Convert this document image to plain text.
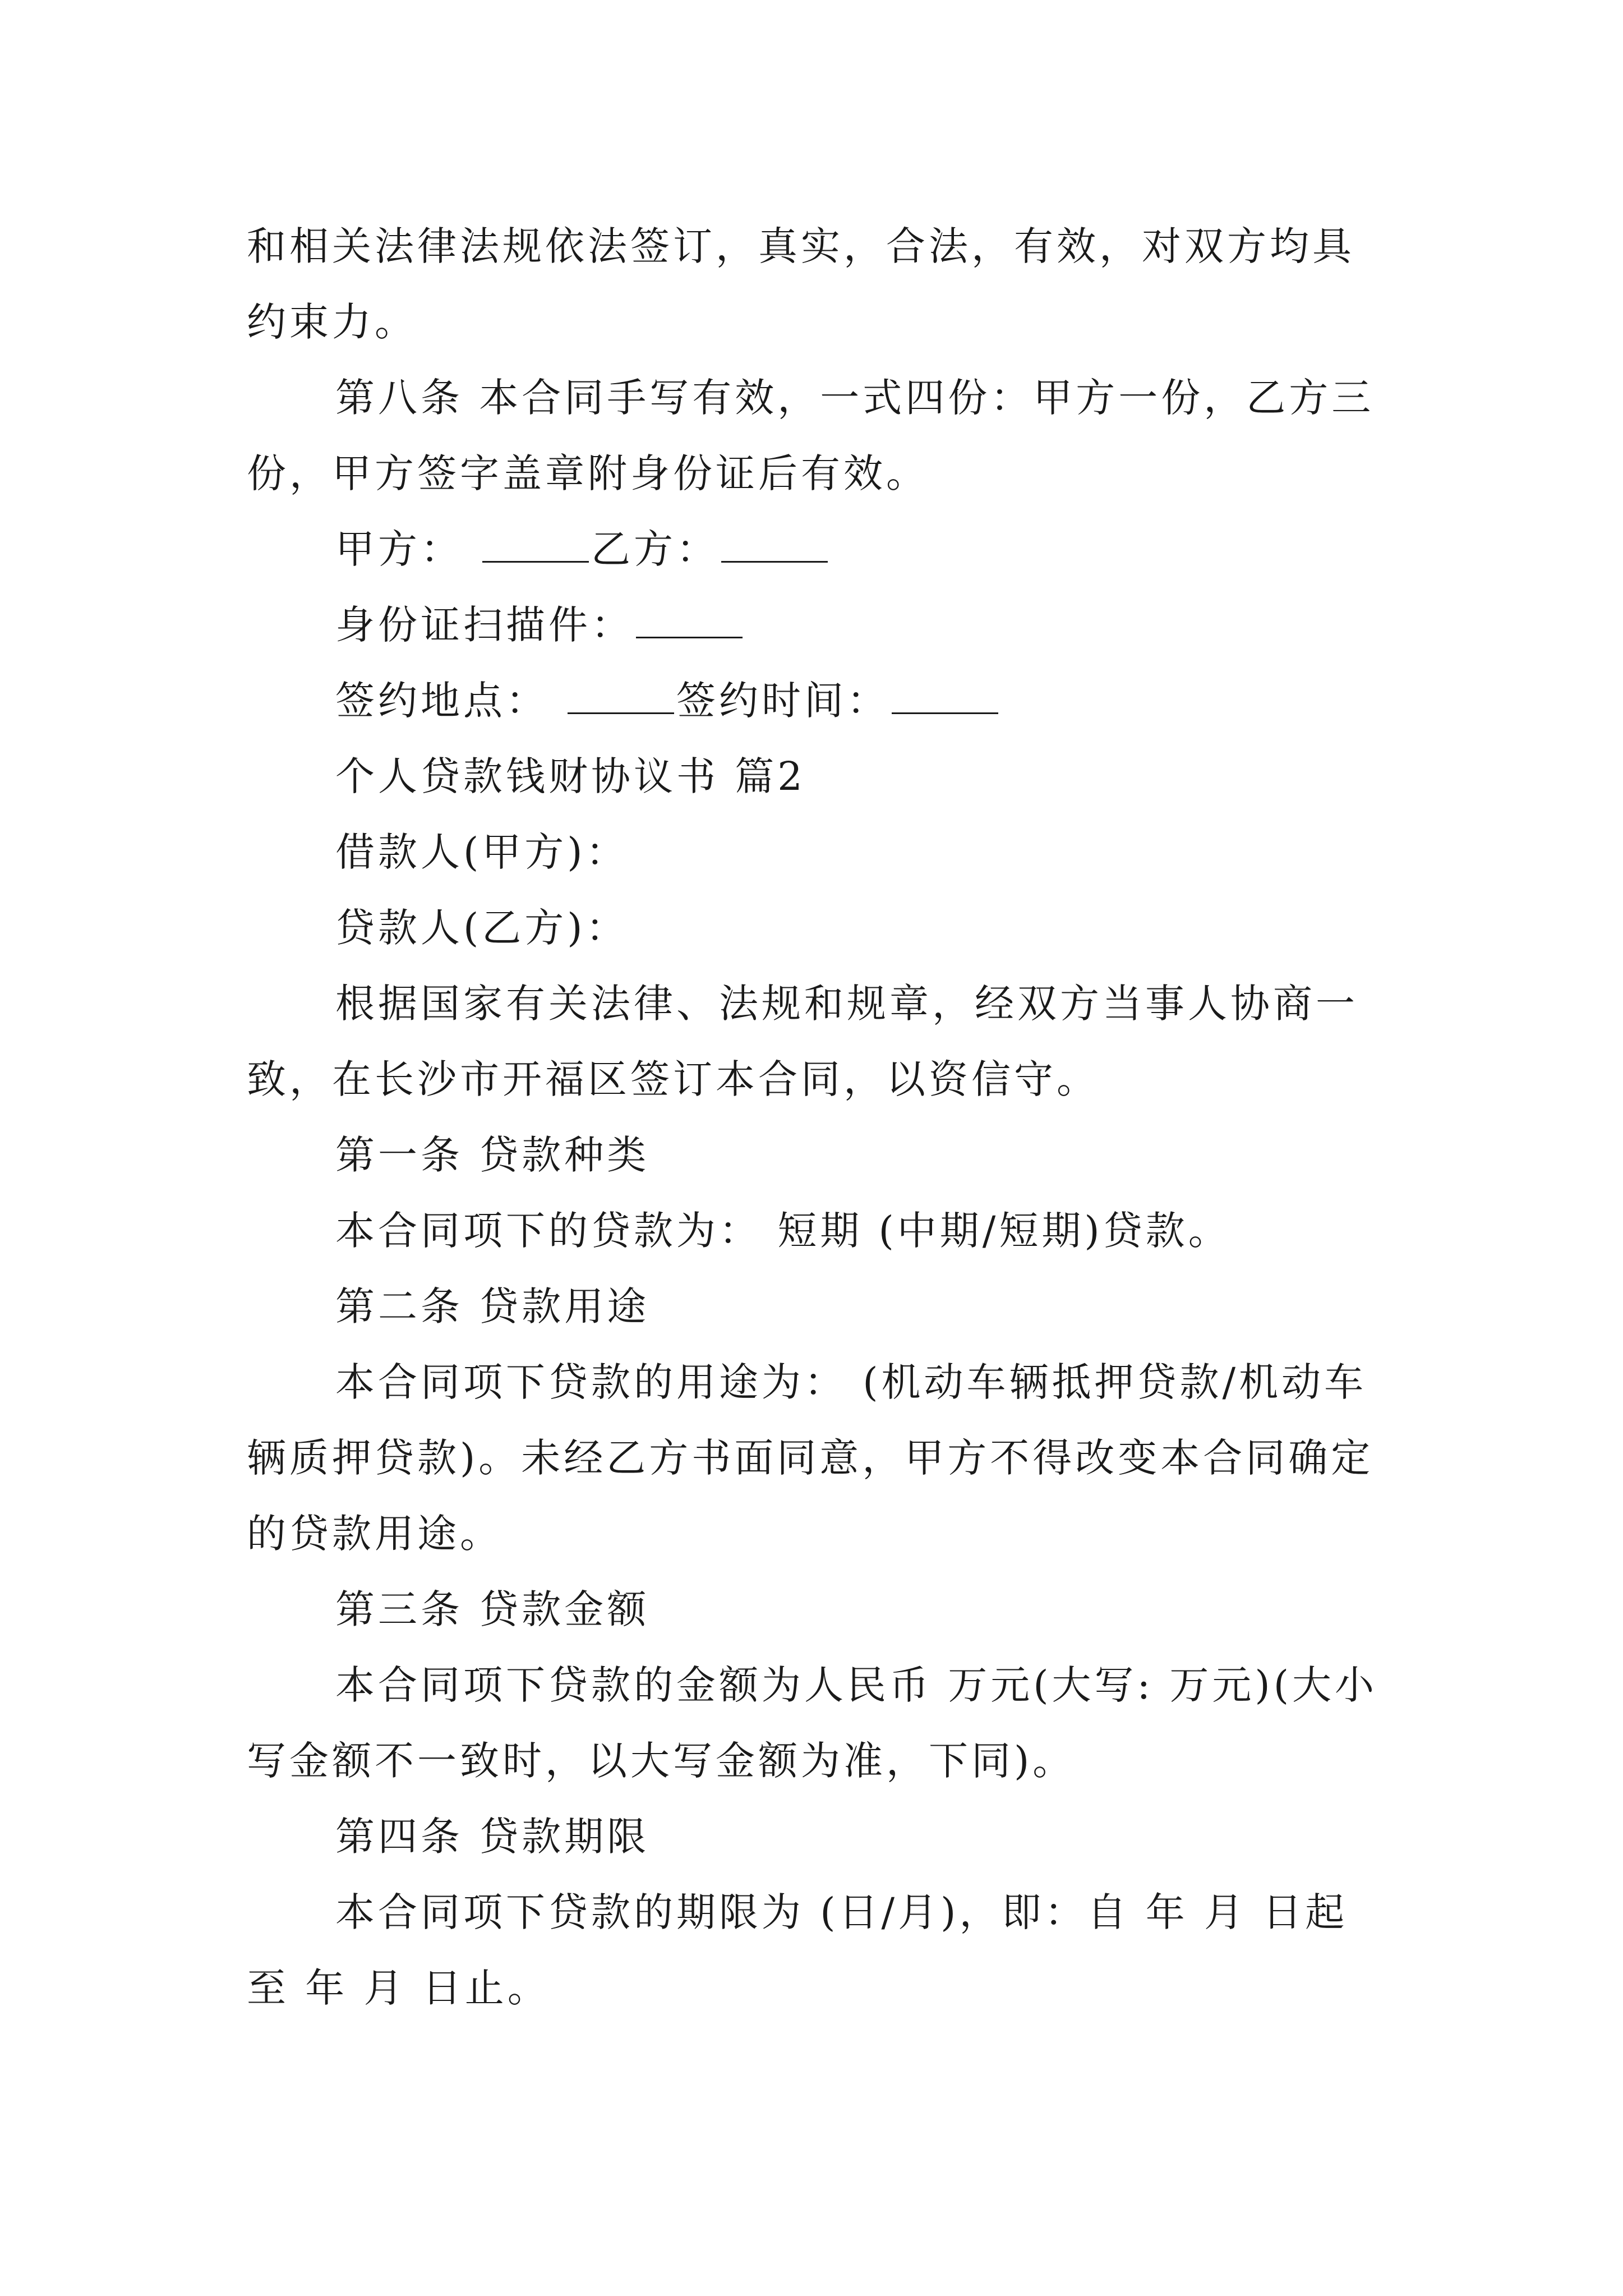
和相关法律法规依法签订，真实，合法，有效，对双方均具约束力。

第八条 本合同手写有效，一式四份：甲方一份，乙方三份，甲方签字盖章附身份证后有效。

甲方：	乙方：

身份证扫描件：

签约地点：	签约时间：

个人贷款钱财协议书 篇2

借款人(甲方)：

贷款人(乙方)：

根据国家有关法律、法规和规章，经双方当事人协商一致，在长沙市开福区签订本合同，以资信守。

第一条 贷款种类

本合同项下的贷款为： 短期 (中期/短期)贷款。

第二条 贷款用途

本合同项下贷款的用途为： (机动车辆抵押贷款/机动车辆质押贷款)。未经乙方书面同意，甲方不得改变本合同确定的贷款用途。

第三条 贷款金额

本合同项下贷款的金额为人民币 万元(大写: 万元)(大小写金额不一致时，以大写金额为准，下同)。

第四条 贷款期限

本合同项下贷款的期限为 (日/月)，即：自 年 月 日起至 年 月 日止。
